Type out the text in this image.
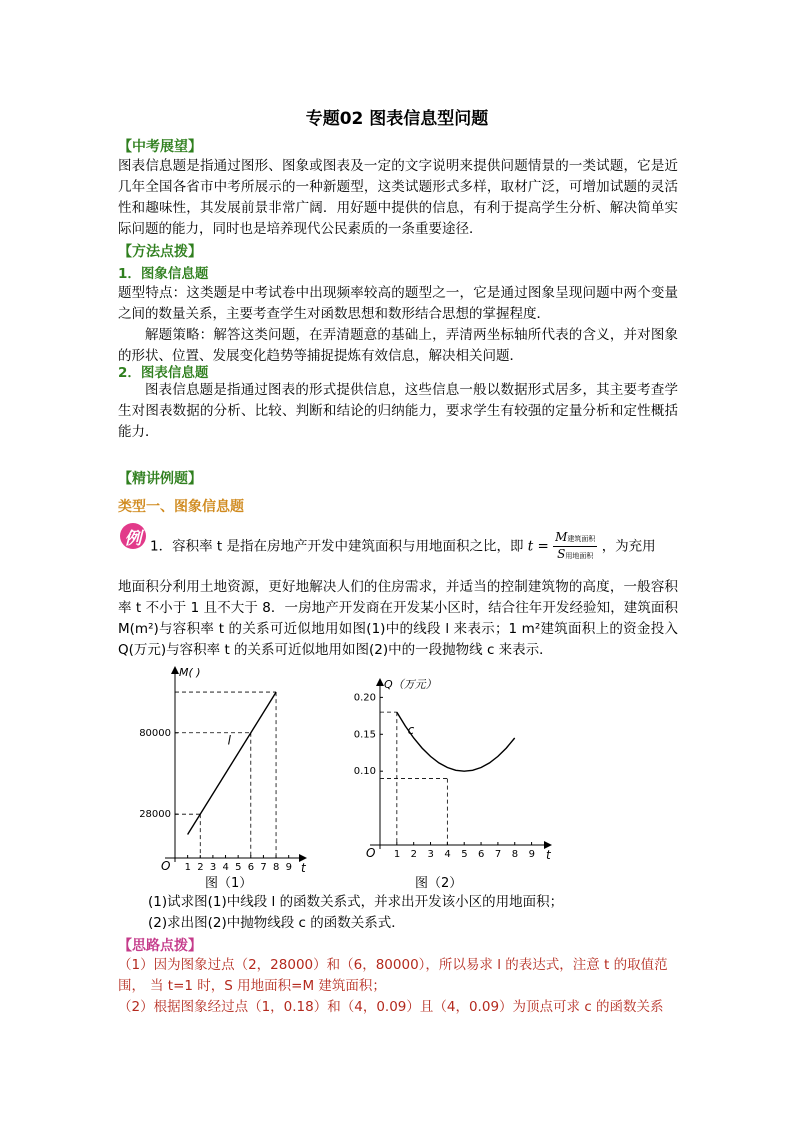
专题02 图表信息型问题
【中考展望】
图表信息题是指通过图形、图象或图表及一定的文字说明来提供问题情景的一类试题，它是近几年全国各省市中考所展示的一种新题型，这类试题形式多样，取材广泛，可增加试题的灵活性和趣味性，其发展前景非常广阔．用好题中提供的信息，有利于提高学生分析、解决简单实际问题的能力，同时也是培养现代公民素质的一条重要途径．
【方法点拨】
1．图象信息题
题型特点：这类题是中考试卷中出现频率较高的题型之一，它是通过图象呈现问题中两个变量之间的数量关系，主要考查学生对函数思想和数形结合思想的掌握程度．
解题策略：解答这类问题，在弄清题意的基础上，弄清两坐标轴所代表的含义，并对图象的形状、位置、发展变化趋势等捕捉提炼有效信息，解决相关问题．
2．图表信息题
图表信息题是指通过图表的形式提供信息，这些信息一般以数据形式居多，其主要考查学生对图表数据的分析、比较、判断和结论的归纳能力，要求学生有较强的定量分析和定性概括能力．
【精讲例题】
类型一、图象信息题
例 1．容积率 t 是指在房地产开发中建筑面积与用地面积之比，即 $t = \frac{\text{M建筑面积}}{\text{S用地面积}}$ ，为充用
地面积分利用土地资源，更好地解决人们的住房需求，并适当的控制建筑物的高度，一般容积率 t 不小于 1 且不大于 8．一房地产开发商在开发某小区时，结合往年开发经验知，建筑面积 M(m²)与容积率 t 的关系可近似地用如图(1)中的线段 l 来表示；1 m²建筑面积上的资金投入 Q(万元)与容积率 t 的关系可近似地用如图(2)中的一段抛物线 c 来表示．
M( )
t
O 1 2 3 4 5 6 7 8 9
28000
80000
l
图（1）
Q（万元）
t
O 1 2 3 4 5 6 7 8 9
0.10
0.15
0.20
c
图（2）
(1)试求图(1)中线段 l 的函数关系式，并求出开发该小区的用地面积；
(2)求出图(2)中抛物线段 c 的函数关系式．
【思路点拨】
（1）因为图象过点（2，28000）和（6，80000），所以易求 l 的表达式，注意 t 的取值范围， 当 t=1 时，S 用地面积=M 建筑面积；
（2）根据图象经过点（1，0.18）和（4，0.09）且（4，0.09）为顶点可求 c 的函数关系
